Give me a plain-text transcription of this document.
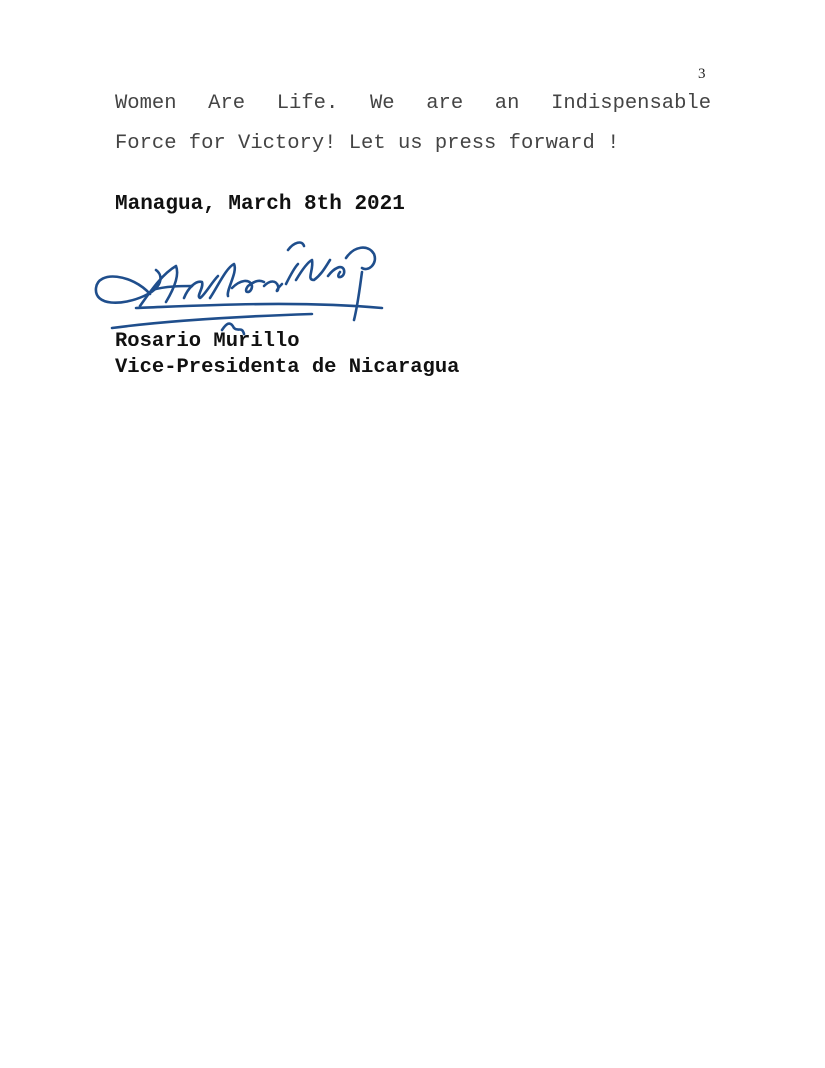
3
Women Are Life. We are an Indispensable
Force for Victory! Let us press forward !
Managua, March 8th 2021
Rosario Murillo
Vice-Presidenta de Nicaragua
